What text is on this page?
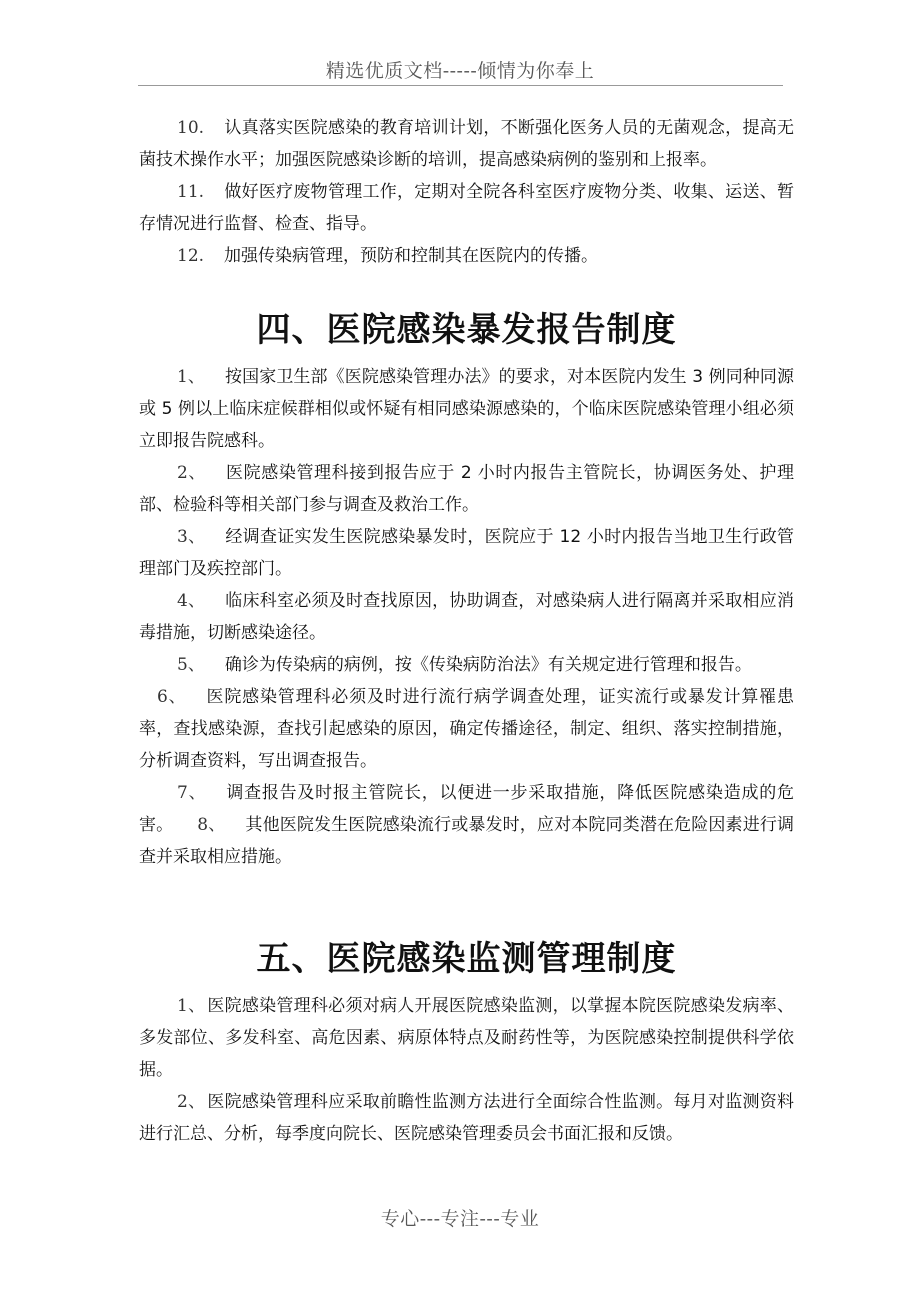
精选优质文档-----倾情为你奉上

10. 认真落实医院感染的教育培训计划，不断强化医务人员的无菌观念，提高无菌技术操作水平；加强医院感染诊断的培训，提高感染病例的鉴别和上报率。

11. 做好医疗废物管理工作，定期对全院各科室医疗废物分类、收集、运送、暂存情况进行监督、检查、指导。

12. 加强传染病管理，预防和控制其在医院内的传播。

四、医院感染暴发报告制度

1、 按国家卫生部《医院感染管理办法》的要求，对本医院内发生 3 例同种同源或 5 例以上临床症候群相似或怀疑有相同感染源感染的，个临床医院感染管理小组必须立即报告院感科。

2、 医院感染管理科接到报告应于 2 小时内报告主管院长，协调医务处、护理部、检验科等相关部门参与调查及救治工作。

3、 经调查证实发生医院感染暴发时，医院应于 12 小时内报告当地卫生行政管理部门及疾控部门。

4、 临床科室必须及时查找原因，协助调查，对感染病人进行隔离并采取相应消毒措施，切断感染途径。

5、 确诊为传染病的病例，按《传染病防治法》有关规定进行管理和报告。

6、 医院感染管理科必须及时进行流行病学调查处理，证实流行或暴发计算罹患率，查找感染源，查找引起感染的原因，确定传播途径，制定、组织、落实控制措施，分析调查资料，写出调查报告。

7、 调查报告及时报主管院长，以便进一步采取措施，降低医院感染造成的危害。 8、 其他医院发生医院感染流行或暴发时，应对本院同类潜在危险因素进行调查并采取相应措施。

五、医院感染监测管理制度

1、 医院感染管理科必须对病人开展医院感染监测，以掌握本院医院感染发病率、多发部位、多发科室、高危因素、病原体特点及耐药性等，为医院感染控制提供科学依据。

2、 医院感染管理科应采取前瞻性监测方法进行全面综合性监测。每月对监测资料进行汇总、分析，每季度向院长、医院感染管理委员会书面汇报和反馈。

专心---专注---专业
